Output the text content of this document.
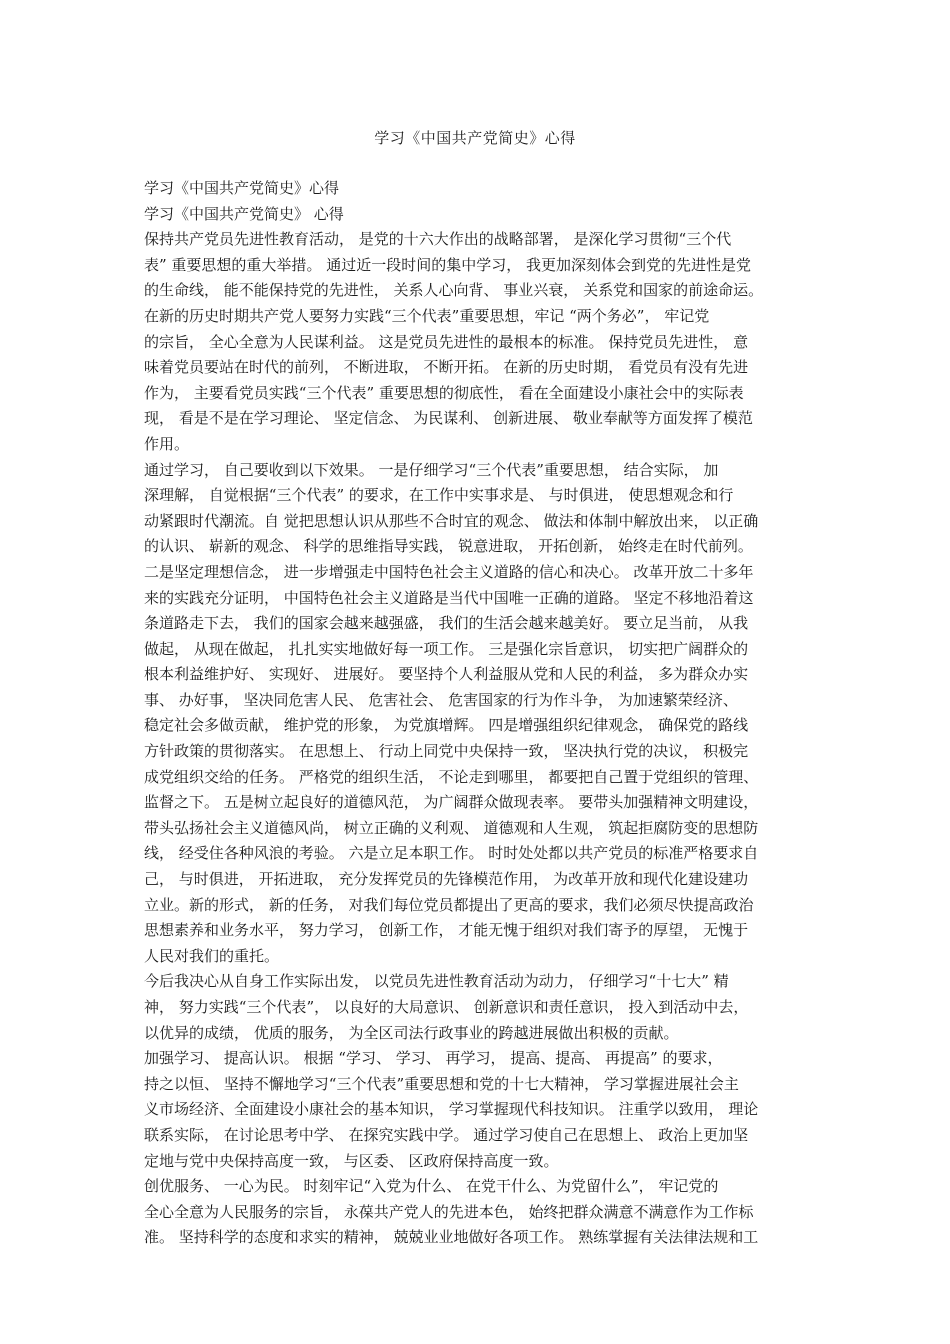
学习《中国共产党简史》心得
学习《中国共产党简史》心得
学习《中国共产党简史》 心得
保持共产党员先进性教育活动， 是党的十六大作出的战略部署， 是深化学习贯彻“三个代
表” 重要思想的重大举措。 通过近一段时间的集中学习， 我更加深刻体会到党的先进性是党
的生命线， 能不能保持党的先进性， 关系人心向背、 事业兴衰， 关系党和国家的前途命运。
在新的历史时期共产党人要努力实践“三个代表”重要思想，牢记 “两个务必”， 牢记党
的宗旨， 全心全意为人民谋利益。 这是党员先进性的最根本的标准。 保持党员先进性， 意
味着党员要站在时代的前列， 不断进取， 不断开拓。 在新的历史时期， 看党员有没有先进
作为， 主要看党员实践“三个代表” 重要思想的彻底性， 看在全面建设小康社会中的实际表
现， 看是不是在学习理论、 坚定信念、 为民谋利、 创新进展、 敬业奉献等方面发挥了模范
作用。
通过学习， 自己要收到以下效果。 一是仔细学习“三个代表”重要思想， 结合实际， 加
深理解， 自觉根据“三个代表” 的要求，在工作中实事求是、 与时俱进， 使思想观念和行
动紧跟时代潮流。自 觉把思想认识从那些不合时宜的观念、 做法和体制中解放出来， 以正确
的认识、 崭新的观念、 科学的思维指导实践， 锐意进取， 开拓创新， 始终走在时代前列。
二是坚定理想信念， 进一步增强走中国特色社会主义道路的信心和决心。 改革开放二十多年
来的实践充分证明， 中国特色社会主义道路是当代中国唯一正确的道路。 坚定不移地沿着这
条道路走下去， 我们的国家会越来越强盛， 我们的生活会越来越美好。 要立足当前， 从我
做起， 从现在做起， 扎扎实实地做好每一项工作。 三是强化宗旨意识， 切实把广阔群众的
根本利益维护好、 实现好、 进展好。 要坚持个人利益服从党和人民的利益， 多为群众办实
事、 办好事， 坚决同危害人民、 危害社会、 危害国家的行为作斗争， 为加速繁荣经济、
稳定社会多做贡献， 维护党的形象， 为党旗增辉。 四是增强组织纪律观念， 确保党的路线
方针政策的贯彻落实。 在思想上、 行动上同党中央保持一致， 坚决执行党的决议， 积极完
成党组织交给的任务。 严格党的组织生活， 不论走到哪里， 都要把自己置于党组织的管理、
监督之下。 五是树立起良好的道德风范， 为广阔群众做现表率。 要带头加强精神文明建设，
带头弘扬社会主义道德风尚， 树立正确的义利观、 道德观和人生观， 筑起拒腐防变的思想防
线， 经受住各种风浪的考验。 六是立足本职工作。 时时处处都以共产党员的标准严格要求自
己， 与时俱进， 开拓进取， 充分发挥党员的先锋模范作用， 为改革开放和现代化建设建功
立业。新的形式， 新的任务， 对我们每位党员都提出了更高的要求，我们必须尽快提高政治
思想素养和业务水平， 努力学习， 创新工作， 才能无愧于组织对我们寄予的厚望， 无愧于
人民对我们的重托。
今后我决心从自身工作实际出发， 以党员先进性教育活动为动力， 仔细学习“十七大” 精
神， 努力实践“三个代表”， 以良好的大局意识、 创新意识和责任意识， 投入到活动中去，
以优异的成绩， 优质的服务， 为全区司法行政事业的跨越进展做出积极的贡献。
加强学习、 提高认识。 根据 “学习、 学习、 再学习， 提高、提高、 再提高” 的要求，
持之以恒、 坚持不懈地学习“三个代表”重要思想和党的十七大精神， 学习掌握进展社会主
义市场经济、全面建设小康社会的基本知识， 学习掌握现代科技知识。 注重学以致用， 理论
联系实际， 在讨论思考中学、 在探究实践中学。 通过学习使自己在思想上、 政治上更加坚
定地与党中央保持高度一致， 与区委、 区政府保持高度一致。
创优服务、 一心为民。 时刻牢记“入党为什么、 在党干什么、为党留什么”， 牢记党的
全心全意为人民服务的宗旨， 永葆共产党人的先进本色， 始终把群众满意不满意作为工作标
准。 坚持科学的态度和求实的精神， 兢兢业业地做好各项工作。 熟练掌握有关法律法规和工
